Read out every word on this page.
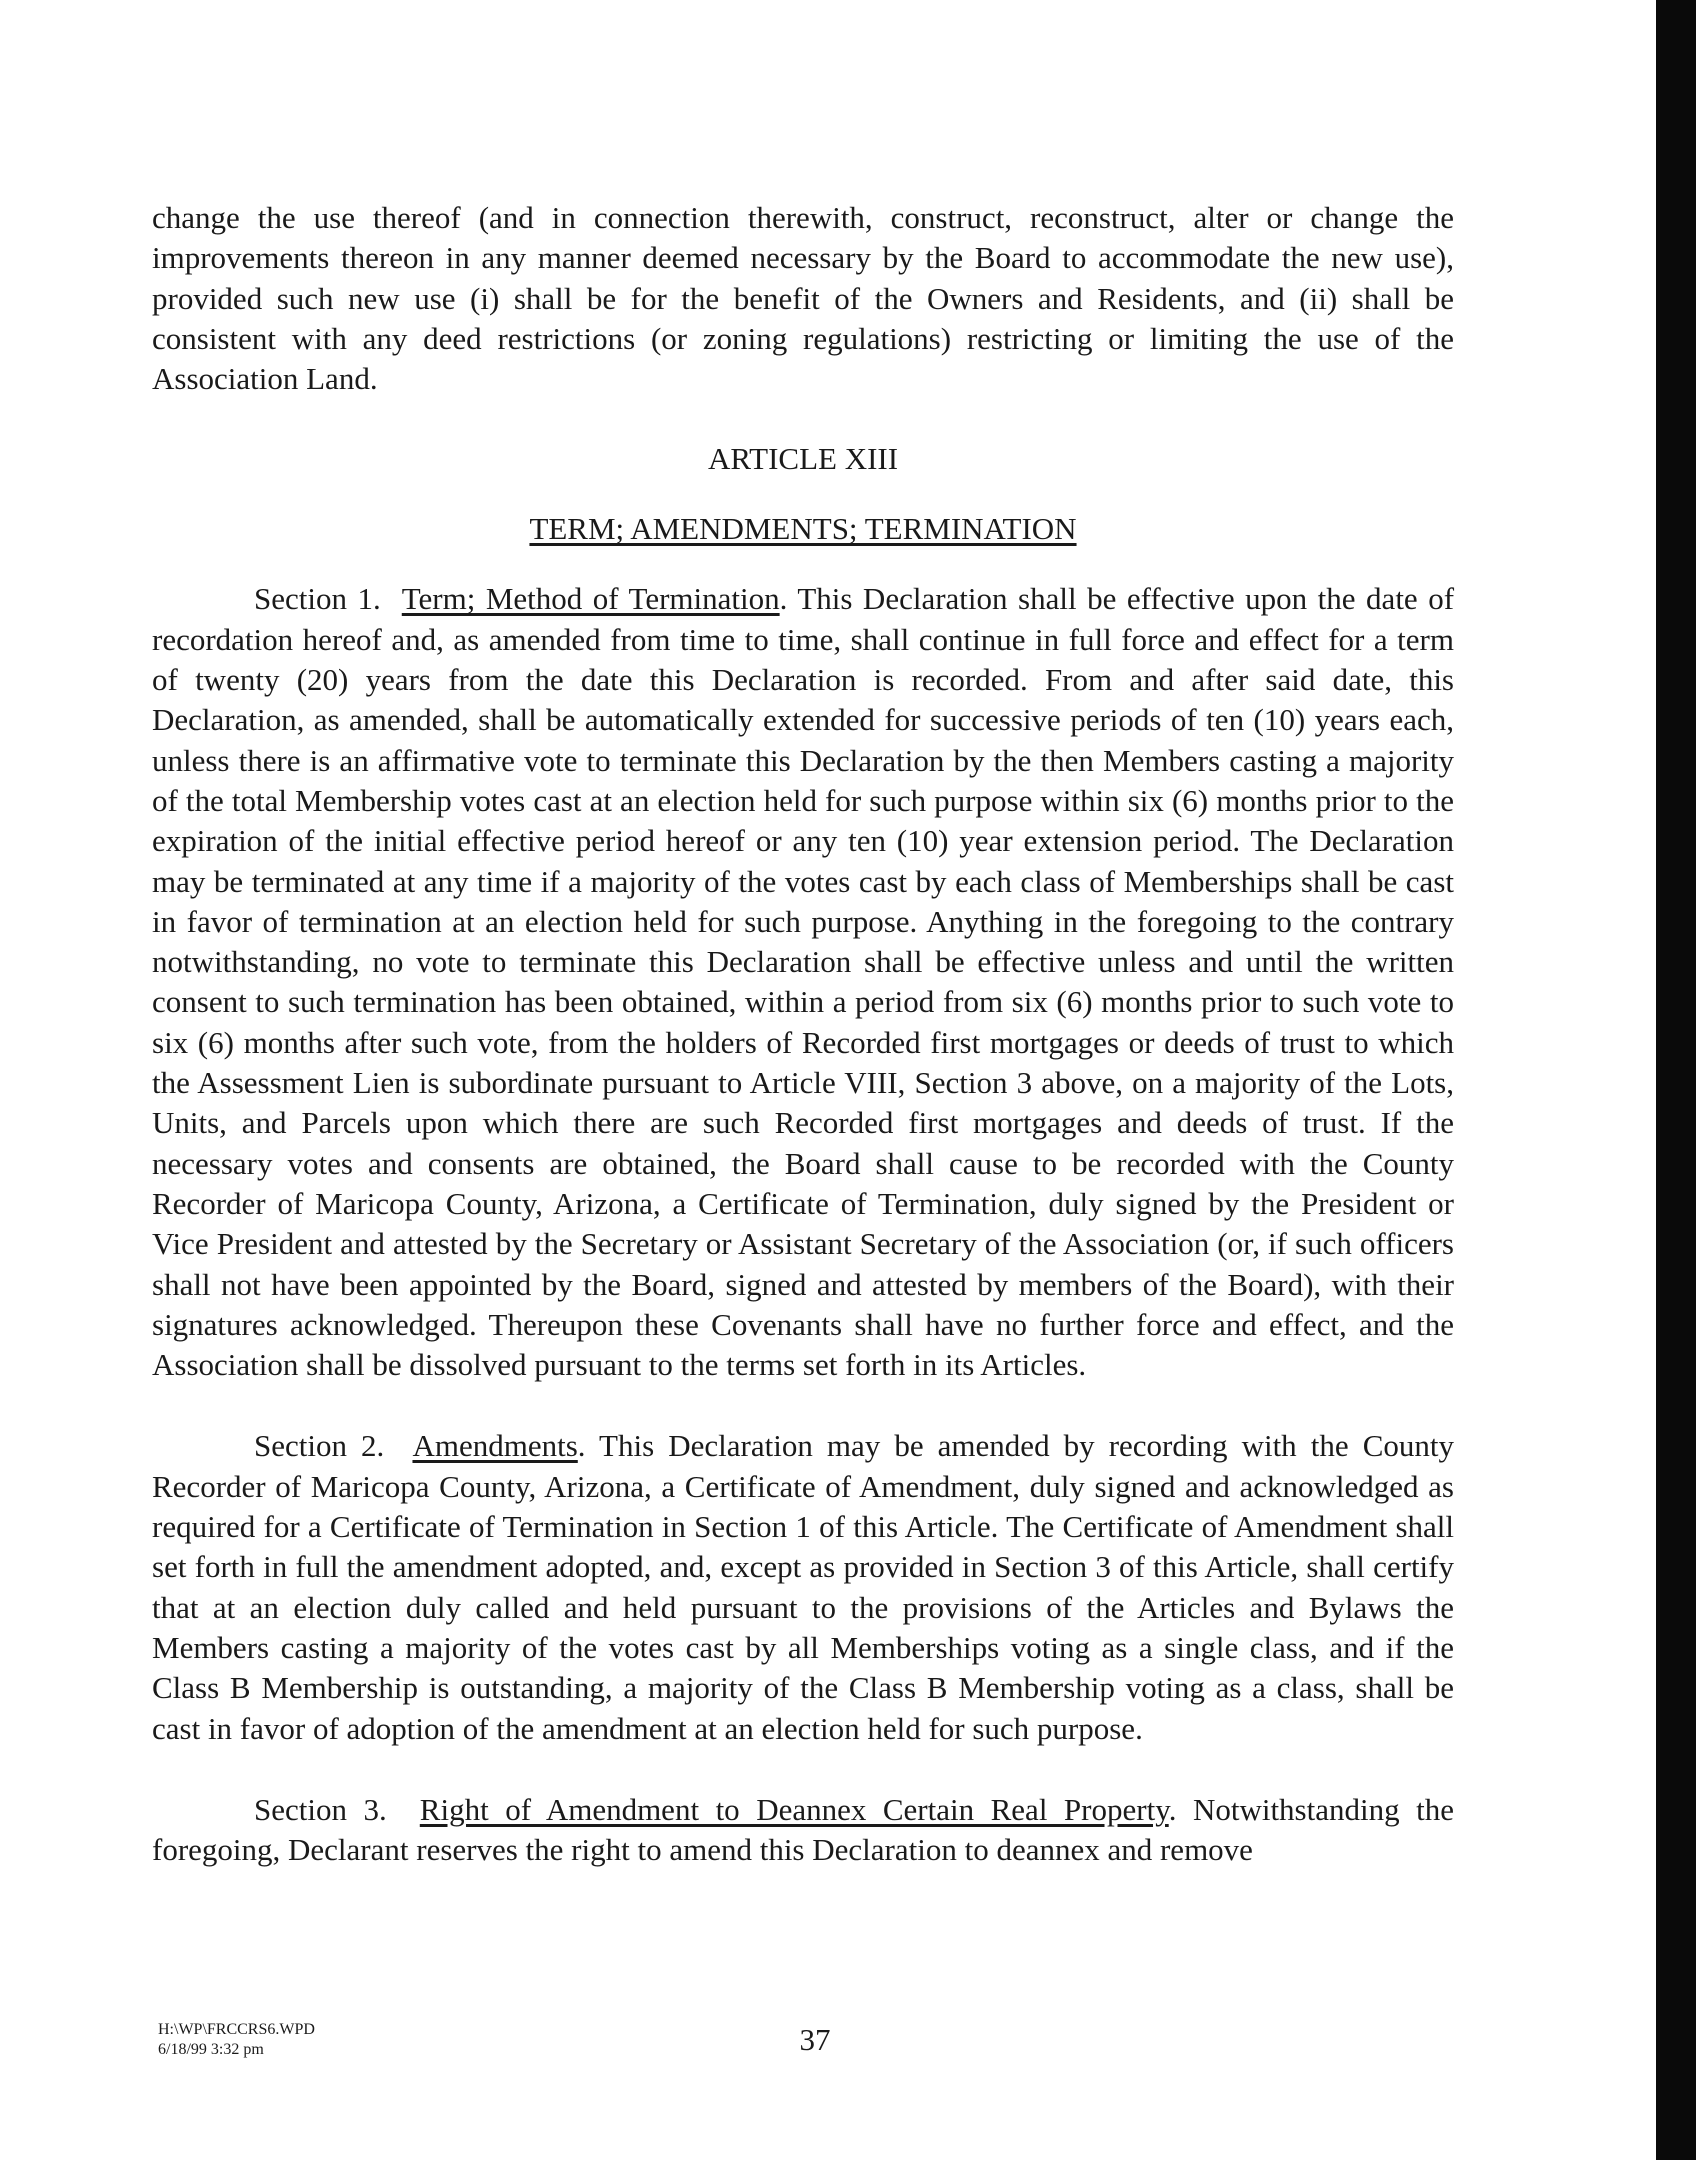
change the use thereof (and in connection therewith, construct, reconstruct, alter or change the improvements thereon in any manner deemed necessary by the Board to accommodate the new use), provided such new use (i) shall be for the benefit of the Owners and Residents, and (ii) shall be consistent with any deed restrictions (or zoning regulations) restricting or limiting the use of the Association Land.

ARTICLE XIII
TERM; AMENDMENTS; TERMINATION

Section 1. Term; Method of Termination. This Declaration shall be effective upon the date of recordation hereof and, as amended from time to time, shall continue in full force and effect for a term of twenty (20) years from the date this Declaration is recorded. From and after said date, this Declaration, as amended, shall be automatically extended for successive periods of ten (10) years each, unless there is an affirmative vote to terminate this Declaration by the then Members casting a majority of the total Membership votes cast at an election held for such purpose within six (6) months prior to the expiration of the initial effective period hereof or any ten (10) year extension period. The Declaration may be terminated at any time if a majority of the votes cast by each class of Memberships shall be cast in favor of termination at an election held for such purpose. Anything in the foregoing to the contrary notwithstanding, no vote to terminate this Declaration shall be effective unless and until the written consent to such termination has been obtained, within a period from six (6) months prior to such vote to six (6) months after such vote, from the holders of Recorded first mortgages or deeds of trust to which the Assessment Lien is subordinate pursuant to Article VIII, Section 3 above, on a majority of the Lots, Units, and Parcels upon which there are such Recorded first mortgages and deeds of trust. If the necessary votes and consents are obtained, the Board shall cause to be recorded with the County Recorder of Maricopa County, Arizona, a Certificate of Termination, duly signed by the President or Vice President and attested by the Secretary or Assistant Secretary of the Association (or, if such officers shall not have been appointed by the Board, signed and attested by members of the Board), with their signatures acknowledged. Thereupon these Covenants shall have no further force and effect, and the Association shall be dissolved pursuant to the terms set forth in its Articles.

Section 2. Amendments. This Declaration may be amended by recording with the County Recorder of Maricopa County, Arizona, a Certificate of Amendment, duly signed and acknowledged as required for a Certificate of Termination in Section 1 of this Article. The Certificate of Amendment shall set forth in full the amendment adopted, and, except as provided in Section 3 of this Article, shall certify that at an election duly called and held pursuant to the provisions of the Articles and Bylaws the Members casting a majority of the votes cast by all Memberships voting as a single class, and if the Class B Membership is outstanding, a majority of the Class B Membership voting as a class, shall be cast in favor of adoption of the amendment at an election held for such purpose.

Section 3. Right of Amendment to Deannex Certain Real Property. Notwithstanding the foregoing, Declarant reserves the right to amend this Declaration to deannex and remove

H:\WP\FRCCRS6.WPD
6/18/99 3:32 pm	37
